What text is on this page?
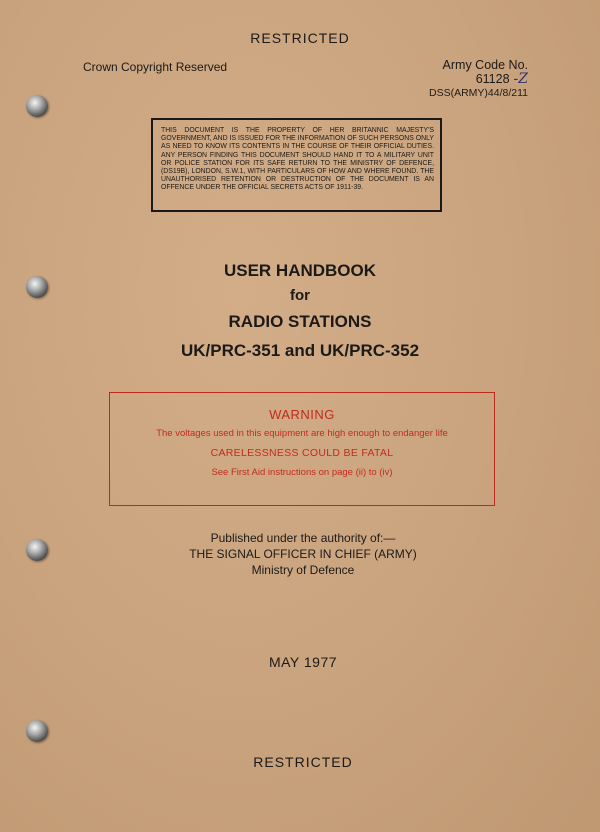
RESTRICTED
Crown Copyright Reserved	Army Code No.
61128 -Z
DSS(ARMY)44/8/211
THIS DOCUMENT IS THE PROPERTY OF HER BRITANNIC MAJESTY'S GOVERNMENT, AND IS ISSUED FOR THE INFORMATION OF SUCH PERSONS ONLY AS NEED TO KNOW ITS CONTENTS IN THE COURSE OF THEIR OFFICIAL DUTIES. ANY PERSON FINDING THIS DOCUMENT SHOULD HAND IT TO A MILITARY UNIT OR POLICE STATION FOR ITS SAFE RETURN TO THE MINISTRY OF DEFENCE, (DS19B), LONDON, S.W.1, WITH PARTICULARS OF HOW AND WHERE FOUND. THE UNAUTHORISED RETENTION OR DESTRUCTION OF THE DOCUMENT IS AN OFFENCE UNDER THE OFFICIAL SECRETS ACTS OF 1911-39.
USER HANDBOOK
for
RADIO STATIONS
UK/PRC-351 and UK/PRC-352
WARNING
The voltages used in this equipment are high enough to endanger life
CARELESSNESS COULD BE FATAL
See First Aid instructions on page (ii) to (iv)
Published under the authority of:—
THE SIGNAL OFFICER IN CHIEF (ARMY)
Ministry of Defence
MAY 1977
RESTRICTED
